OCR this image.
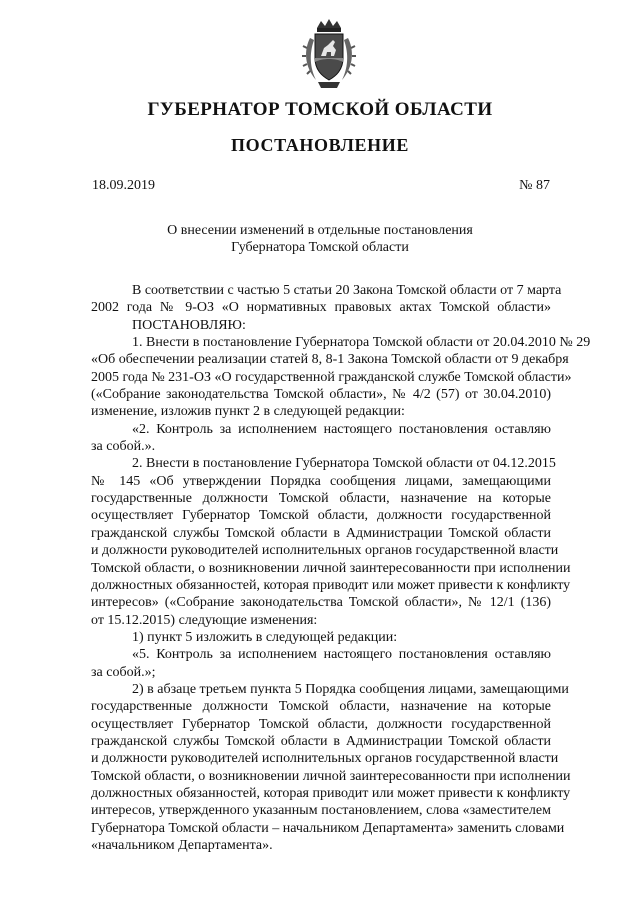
ГУБЕРНАТОР ТОМСКОЙ ОБЛАСТИ
ПОСТАНОВЛЕНИЕ
18.09.2019	№ 87
О внесении изменений в отдельные постановления
Губернатора Томской области
В соответствии с частью 5 статьи 20 Закона Томской области от 7 марта
2002 года № 9-ОЗ «О нормативных правовых актах Томской области»
ПОСТАНОВЛЯЮ:
1. Внести в постановление Губернатора Томской области от 20.04.2010 № 29
«Об обеспечении реализации статей 8, 8-1 Закона Томской области от 9 декабря
2005 года № 231-ОЗ «О государственной гражданской службе Томской области»
(«Собрание законодательства Томской области», № 4/2 (57) от 30.04.2010)
изменение, изложив пункт 2 в следующей редакции:
«2. Контроль за исполнением настоящего постановления оставляю
за собой.».
2. Внести в постановление Губернатора Томской области от 04.12.2015
№ 145 «Об утверждении Порядка сообщения лицами, замещающими
государственные должности Томской области, назначение на которые
осуществляет Губернатор Томской области, должности государственной
гражданской службы Томской области в Администрации Томской области
и должности руководителей исполнительных органов государственной власти
Томской области, о возникновении личной заинтересованности при исполнении
должностных обязанностей, которая приводит или может привести к конфликту
интересов» («Собрание законодательства Томской области», № 12/1 (136)
от 15.12.2015) следующие изменения:
1) пункт 5 изложить в следующей редакции:
«5. Контроль за исполнением настоящего постановления оставляю
за собой.»;
2) в абзаце третьем пункта 5 Порядка сообщения лицами, замещающими
государственные должности Томской области, назначение на которые
осуществляет Губернатор Томской области, должности государственной
гражданской службы Томской области в Администрации Томской области
и должности руководителей исполнительных органов государственной власти
Томской области, о возникновении личной заинтересованности при исполнении
должностных обязанностей, которая приводит или может привести к конфликту
интересов, утвержденного указанным постановлением, слова «заместителем
Губернатора Томской области – начальником Департамента» заменить словами
«начальником Департамента».
